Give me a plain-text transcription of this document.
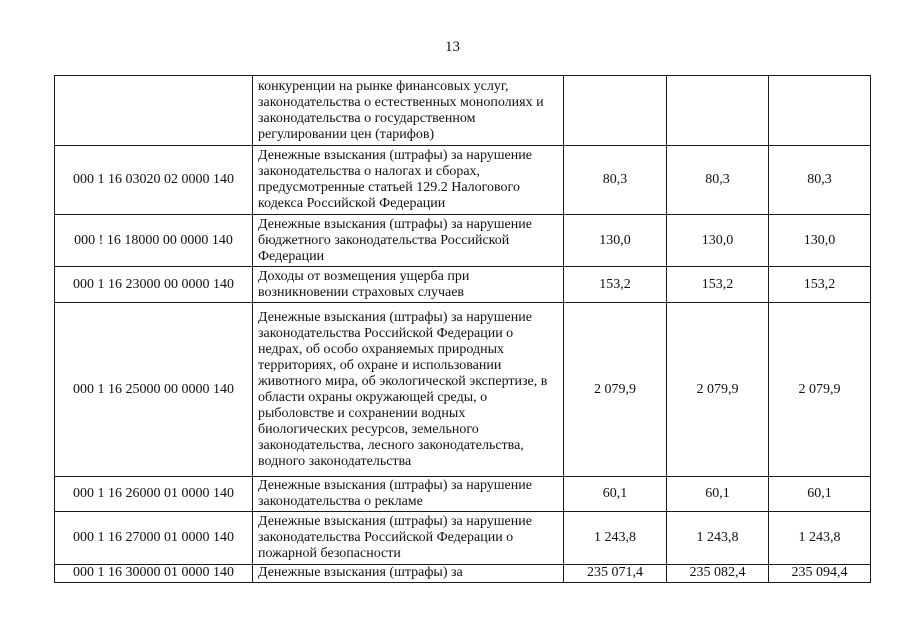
13
	конкуренции на рынке финансовых услуг, законодательства о естественных монополиях и законодательства о государственном регулировании цен (тарифов)			
000 1 16 03020 02 0000 140	Денежные взыскания (штрафы) за нарушение законодательства о налогах и сборах, предусмотренные статьей 129.2 Налогового кодекса Российской Федерации	80,3	80,3	80,3
000 ! 16 18000 00 0000 140	Денежные взыскания (штрафы) за нарушение бюджетного законодательства Российской Федерации	130,0	130,0	130,0
000 1 16 23000 00 0000 140	Доходы от возмещения ущерба при возникновении страховых случаев	153,2	153,2	153,2
000 1 16 25000 00 0000 140	Денежные взыскания (штрафы) за нарушение законодательства Российской Федерации о недрах, об особо охраняемых природных территориях, об охране и использовании животного мира, об экологической экспертизе, в области охраны окружающей среды, о рыболовстве и сохранении водных биологических ресурсов, земельного законодательства, лесного законодательства, водного законодательства	2 079,9	2 079,9	2 079,9
000 1 16 26000 01 0000 140	Денежные взыскания (штрафы) за нарушение законодательства о рекламе	60,1	60,1	60,1
000 1 16 27000 01 0000 140	Денежные взыскания (штрафы) за нарушение законодательства Российской Федерации о пожарной безопасности	1 243,8	1 243,8	1 243,8
000 1 16 30000 01 0000 140	Денежные взыскания (штрафы) за	235 071,4	235 082,4	235 094,4
